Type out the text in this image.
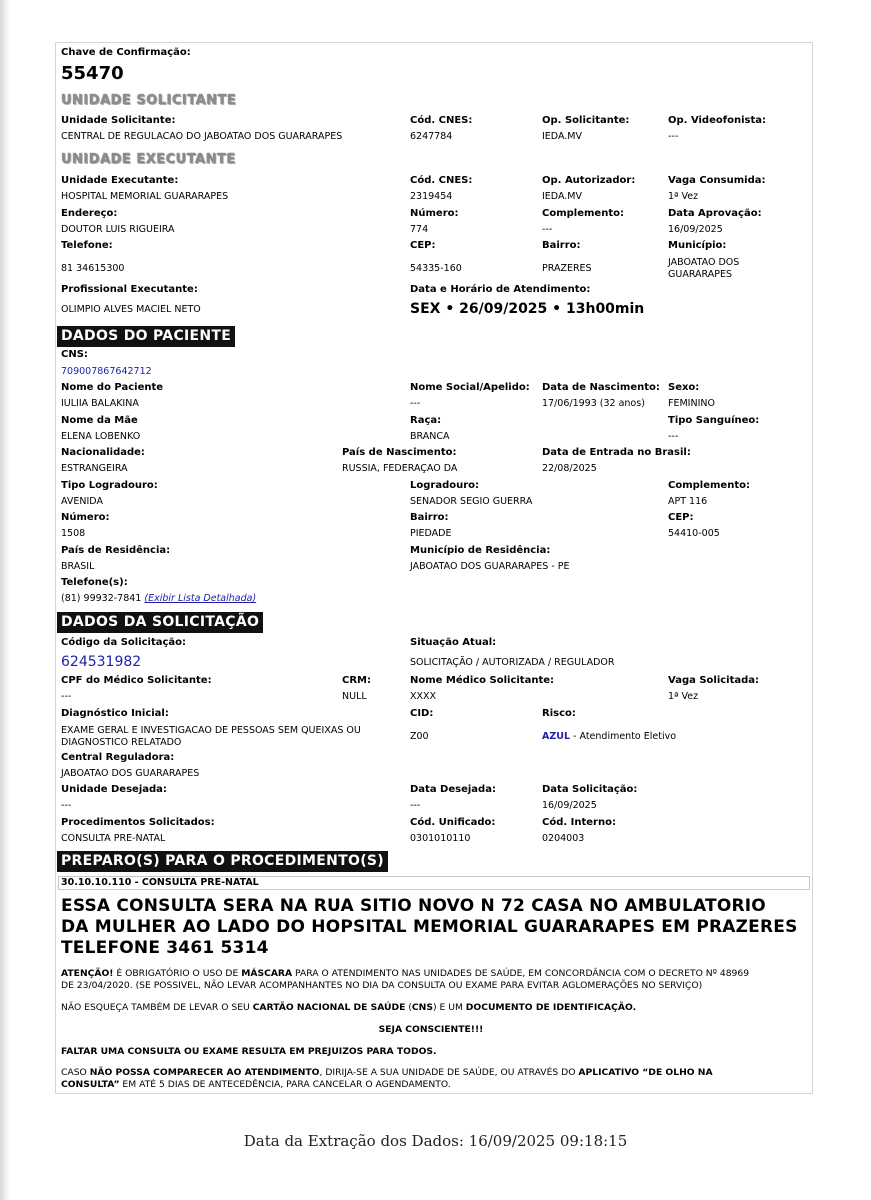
Chave de Confirmação:
55470
UNIDADE SOLICITANTE
Unidade Solicitante:
CENTRAL DE REGULACAO DO JABOATAO DOS GUARARAPES
Cód. CNES:
6247784
Op. Solicitante:
IEDA.MV
Op. Videofonista:
---
UNIDADE EXECUTANTE
Unidade Executante:
HOSPITAL MEMORIAL GUARARAPES
Cód. CNES:
2319454
Op. Autorizador:
IEDA.MV
Vaga Consumida:
1ª Vez
Endereço:
DOUTOR LUIS RIGUEIRA
Número:
774
Complemento:
---
Data Aprovação:
16/09/2025
Telefone:
81 34615300
CEP:
54335-160
Bairro:
PRAZERES
Município:
JABOATAO DOS
GUARARAPES
Profissional Executante:
OLIMPIO ALVES MACIEL NETO
Data e Horário de Atendimento:
SEX • 26/09/2025 • 13h00min
DADOS DO PACIENTE
CNS:
709007867642712
Nome do Paciente
IULIIA BALAKINA
Nome Social/Apelido:
---
Data de Nascimento:
17/06/1993 (32 anos)
Sexo:
FEMININO
Nome da Mãe
ELENA LOBENKO
Raça:
BRANCA
Tipo Sanguíneo:
---
Nacionalidade:
ESTRANGEIRA
País de Nascimento:
RUSSIA, FEDERAÇAO DA
Data de Entrada no Brasil:
22/08/2025
Tipo Logradouro:
AVENIDA
Logradouro:
SENADOR SEGIO GUERRA
Complemento:
APT 116
Número:
1508
Bairro:
PIEDADE
CEP:
54410-005
País de Residência:
BRASIL
Município de Residência:
JABOATAO DOS GUARARAPES - PE
Telefone(s):
(81) 99932-7841 (Exibir Lista Detalhada)
DADOS DA SOLICITAÇÃO
Código da Solicitação:
624531982
Situação Atual:
SOLICITAÇÃO / AUTORIZADA / REGULADOR
CPF do Médico Solicitante:
---
CRM:
NULL
Nome Médico Solicitante:
XXXX
Vaga Solicitada:
1ª Vez
Diagnóstico Inicial:
EXAME GERAL E INVESTIGACAO DE PESSOAS SEM QUEIXAS OU
DIAGNOSTICO RELATADO
CID:
Z00
Risco:
AZUL - Atendimento Eletivo
Central Reguladora:
JABOATAO DOS GUARARAPES
Unidade Desejada:
---
Data Desejada:
---
Data Solicitação:
16/09/2025
Procedimentos Solicitados:
CONSULTA PRE-NATAL
Cód. Unificado:
0301010110
Cód. Interno:
0204003
PREPARO(S) PARA O PROCEDIMENTO(S)
30.10.10.110 - CONSULTA PRE-NATAL
ESSA CONSULTA SERA NA RUA SITIO NOVO N 72 CASA NO AMBULATORIO
DA MULHER AO LADO DO HOPSITAL MEMORIAL GUARARAPES EM PRAZERES
TELEFONE 3461 5314
ATENÇÃO! É OBRIGATÓRIO O USO DE MÁSCARA PARA O ATENDIMENTO NAS UNIDADES DE SAÚDE, EM CONCORDÂNCIA COM O DECRETO Nº 48969
DE 23/04/2020. (SE POSSIVEL, NÃO LEVAR ACOMPANHANTES NO DIA DA CONSULTA OU EXAME PARA EVITAR AGLOMERAÇÕES NO SERVIÇO)
NÃO ESQUEÇA TAMBÉM DE LEVAR O SEU CARTÃO NACIONAL DE SAÚDE (CNS) E UM DOCUMENTO DE IDENTIFICAÇÃO.
SEJA CONSCIENTE!!!
FALTAR UMA CONSULTA OU EXAME RESULTA EM PREJUIZOS PARA TODOS.
CASO NÃO POSSA COMPARECER AO ATENDIMENTO, DIRIJA-SE A SUA UNIDADE DE SAÚDE, OU ATRAVÉS DO APLICATIVO “DE OLHO NA
CONSULTA” EM ATÉ 5 DIAS DE ANTECEDÊNCIA, PARA CANCELAR O AGENDAMENTO.
Data da Extração dos Dados: 16/09/2025 09:18:15
